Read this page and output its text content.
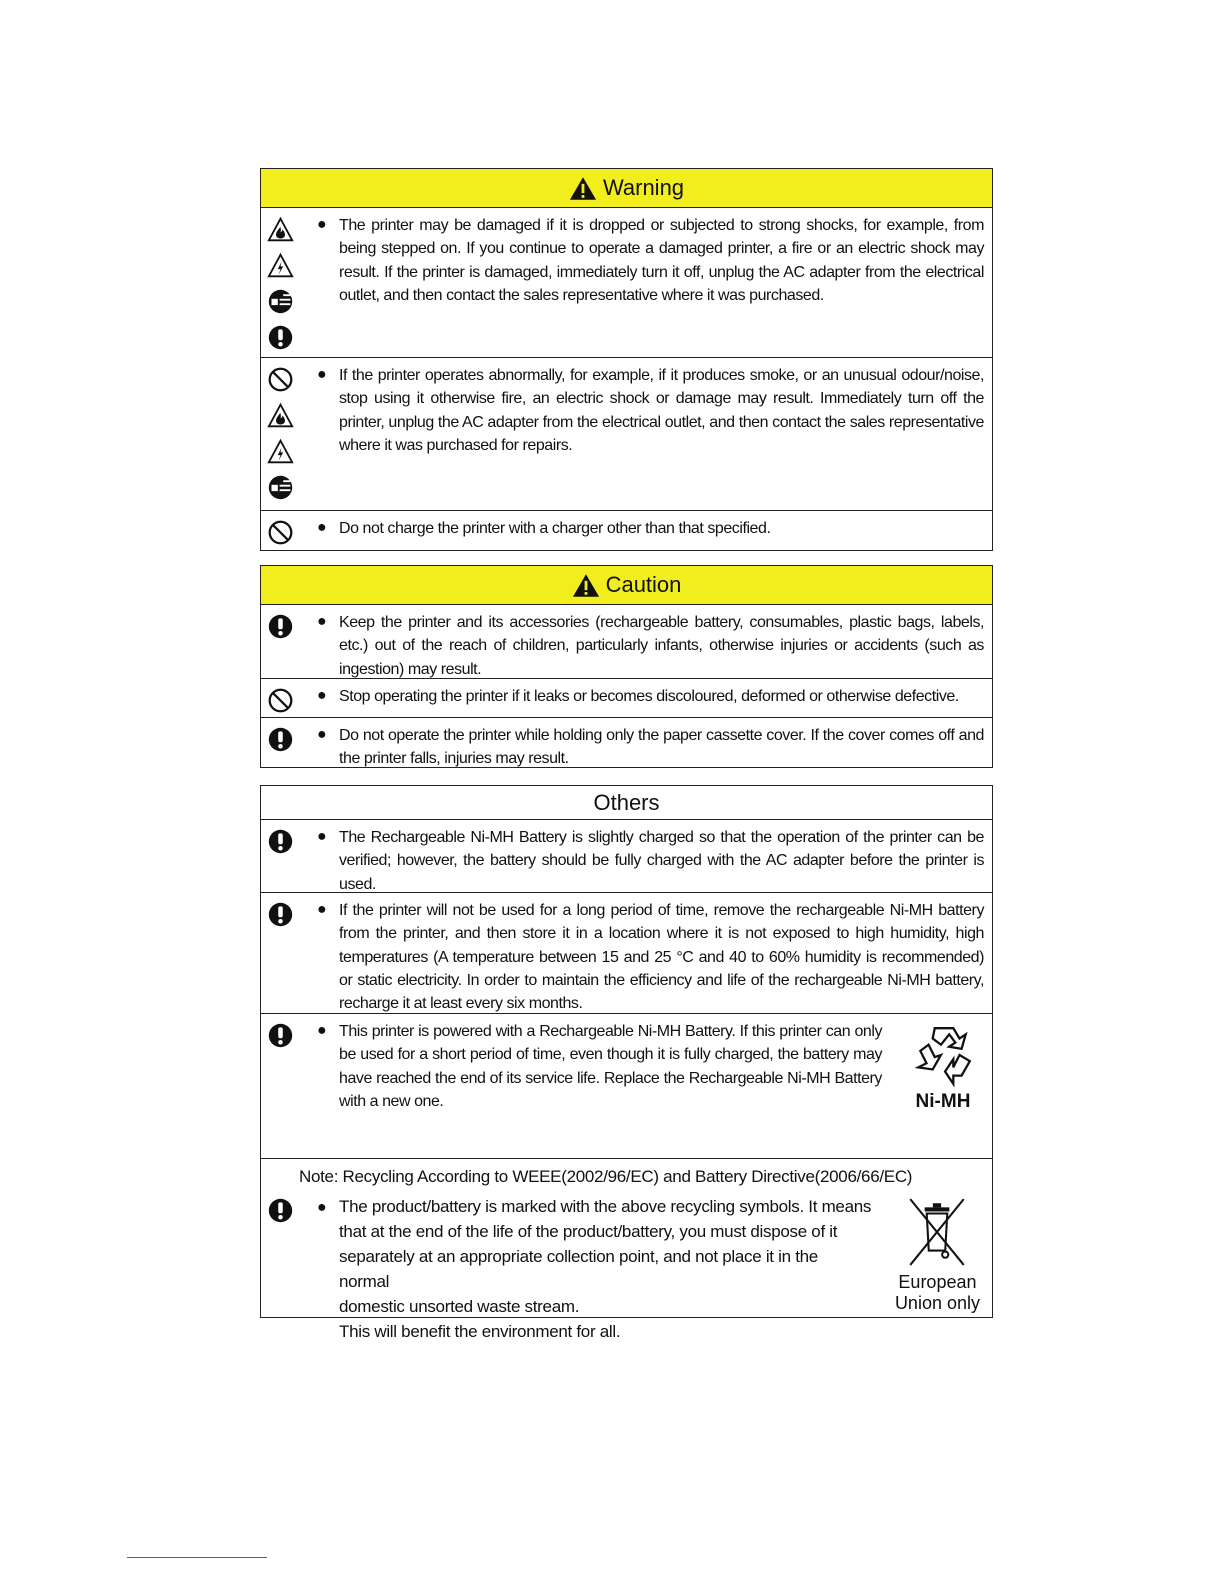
Warning
● The printer may be damaged if it is dropped or subjected to strong shocks, for example, from being stepped on. If you continue to operate a damaged printer, a fire or an electric shock may result. If the printer is damaged, immediately turn it off, unplug the AC adapter from the electrical outlet, and then contact the sales representative where it was purchased.
● If the printer operates abnormally, for example, if it produces smoke, or an unusual odour/noise, stop using it otherwise fire, an electric shock or damage may result. Immediately turn off the printer, unplug the AC adapter from the electrical outlet, and then contact the sales representative where it was purchased for repairs.
● Do not charge the printer with a charger other than that specified.
Caution
● Keep the printer and its accessories (rechargeable battery, consumables, plastic bags, labels, etc.) out of the reach of children, particularly infants, otherwise injuries or accidents (such as ingestion) may result.
● Stop operating the printer if it leaks or becomes discoloured, deformed or otherwise defective.
● Do not operate the printer while holding only the paper cassette cover. If the cover comes off and the printer falls, injuries may result.
Others
● The Rechargeable Ni-MH Battery is slightly charged so that the operation of the printer can be verified; however, the battery should be fully charged with the AC adapter before the printer is used.
● If the printer will not be used for a long period of time, remove the rechargeable Ni-MH battery from the printer, and then store it in a location where it is not exposed to high humidity, high temperatures (A temperature between 15 and 25 °C and 40 to 60% humidity is recommended) or static electricity. In order to maintain the efficiency and life of the rechargeable Ni-MH battery, recharge it at least every six months.
● This printer is powered with a Rechargeable Ni-MH Battery. If this printer can only be used for a short period of time, even though it is fully charged, the battery may have reached the end of its service life. Replace the Rechargeable Ni-MH Battery with a new one.	Ni-MH
Note: Recycling According to WEEE(2002/96/EC) and Battery Directive(2006/66/EC)
● The product/battery is marked with the above recycling symbols. It means
that at the end of the life of the product/battery, you must dispose of it
separately at an appropriate collection point, and not place it in the normal
domestic unsorted waste stream.
This will benefit the environment for all.
European
Union only
